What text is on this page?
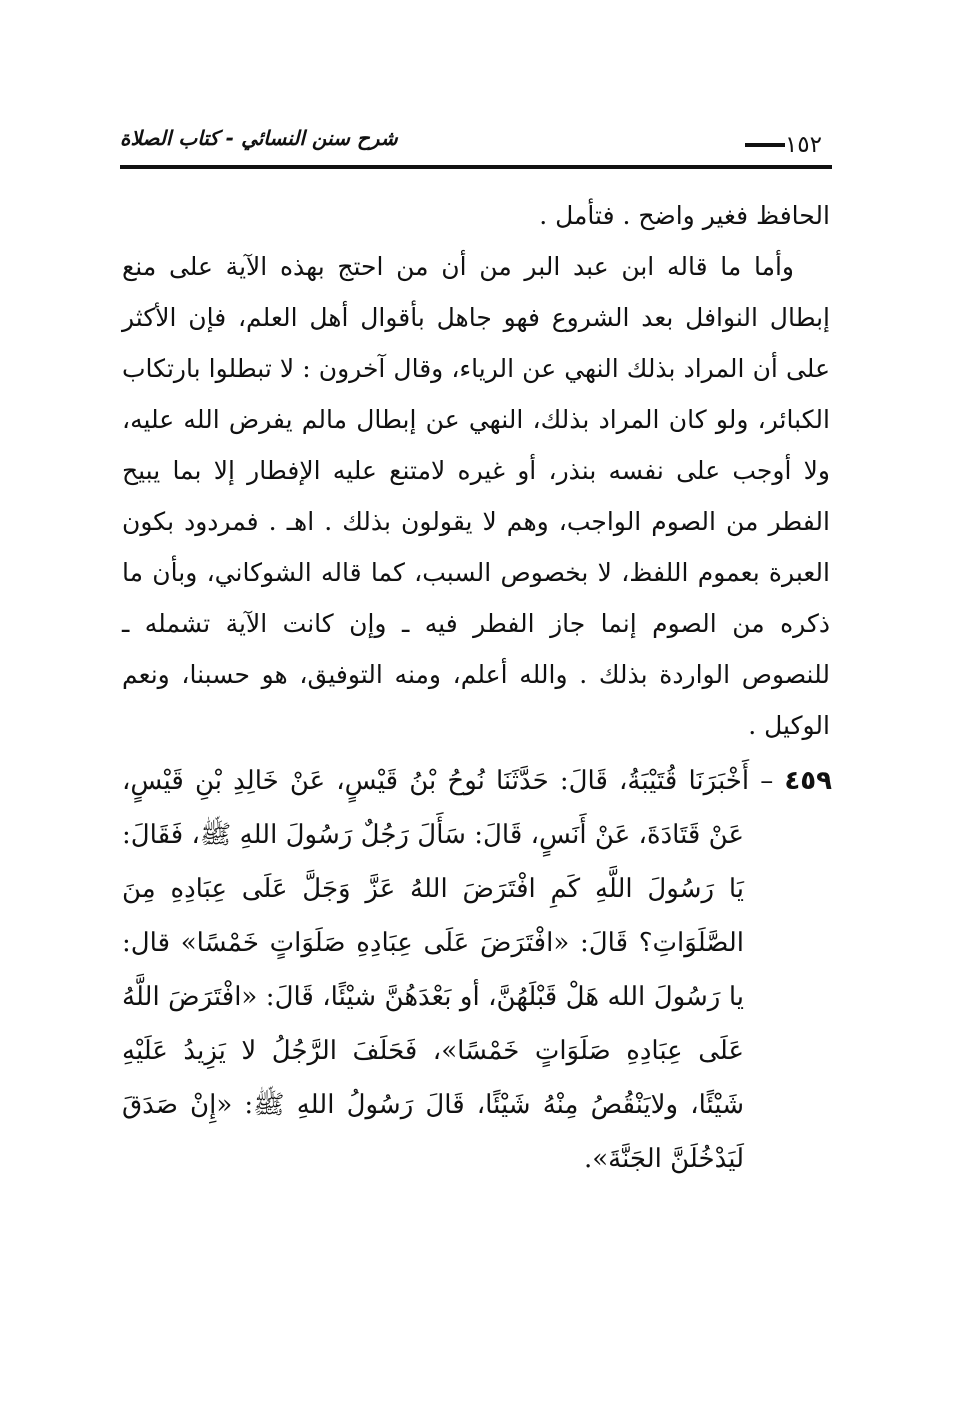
شرح سنن النسائي - كتاب الصلاة	١٥٢

الحافظ فغير واضح . فتأمل .

وأما ما قاله ابن عبد البر من أن من احتج بهذه الآية على منع إبطال النوافل بعد الشروع فهو جاهل بأقوال أهل العلم، فإن الأكثر على أن المراد بذلك النهي عن الرياء، وقال آخرون : لا تبطلوا بارتكاب الكبائر، ولو كان المراد بذلك، النهي عن إبطال مالم يفرض الله عليه، ولا أوجب على نفسه بنذر، أو غيره لامتنع عليه الإفطار إلا بما يبيح الفطر من الصوم الواجب، وهم لا يقولون بذلك . اهـ . فمردود بكون العبرة بعموم اللفظ، لا بخصوص السبب، كما قاله الشوكاني، وبأن ما ذكره من الصوم إنما جاز الفطر فيه ـ وإن كانت الآية تشمله ـ للنصوص الواردة بذلك . والله أعلم، ومنه التوفيق، هو حسبنا، ونعم الوكيل .

٤٥٩ – أَخْبَرَنَا قُتَيْبَةُ، قَالَ: حَدَّثَنَا نُوحُ بْنُ قَيْسٍ، عَنْ خَالِدِ بْنِ قَيْسٍ، عَنْ قَتَادَةَ، عَنْ أَنَسٍ، قَالَ: سَأَلَ رَجُلٌ رَسُولَ اللهِ ﷺ، فَقَالَ: يَا رَسُولَ اللَّهِ كَمِ افْتَرَضَ اللهُ عَزَّ وَجَلَّ عَلَى عِبَادِهِ مِنَ الصَّلَوَاتِ؟ قَالَ: «افْتَرَضَ عَلَى عِبَادِهِ صَلَوَاتٍ خَمْسًا» قال: يا رَسُولَ الله هَلْ قَبْلَهُنَّ، أو بَعْدَهُنَّ شيْئًا، قَالَ: «افْتَرَضَ اللَّهُ عَلَى عِبَادِهِ صَلَوَاتٍ خَمْسًا»، فَحَلَفَ الرَّجُلُ لا يَزِيدُ عَلَيْهِ شَيْئًا، ولايَنْقُصُ مِنْهُ شَيْئًا، قَالَ رَسُولُ اللهِ ﷺ: «إِنْ صَدَقَ لَيَدْخُلَنَّ الجَنَّةَ».
